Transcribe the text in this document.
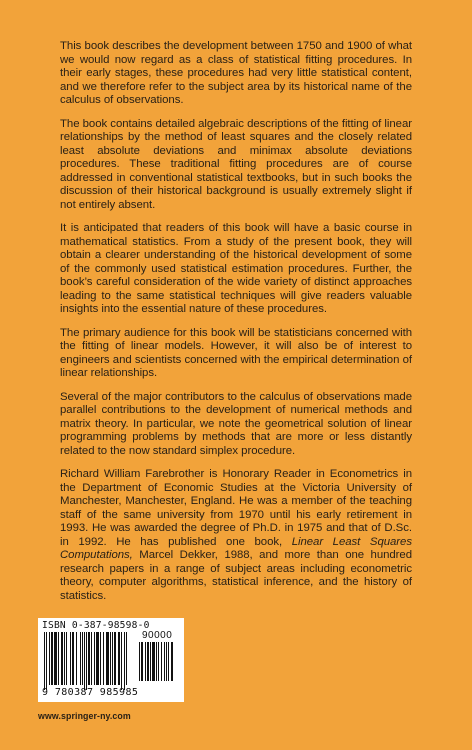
This book describes the development between 1750 and 1900 of what we would now regard as a class of statistical fitting procedures. In their early stages, these procedures had very little statistical content, and we therefore refer to the subject area by its historical name of the calculus of observations.

The book contains detailed algebraic descriptions of the fitting of linear relationships by the method of least squares and the closely related least absolute deviations and minimax absolute deviations procedures. These traditional fitting procedures are of course addressed in conventional statistical textbooks, but in such books the discussion of their historical background is usually extremely slight if not entirely absent.

It is anticipated that readers of this book will have a basic course in mathematical statistics. From a study of the present book, they will obtain a clearer understanding of the historical development of some of the commonly used statistical estimation procedures. Further, the book’s careful consideration of the wide variety of distinct approaches leading to the same statistical techniques will give readers valuable insights into the essential nature of these procedures.

The primary audience for this book will be statisticians concerned with the fitting of linear models. However, it will also be of interest to engineers and scientists concerned with the empirical determination of linear relationships.

Several of the major contributors to the calculus of observations made parallel contributions to the development of numerical methods and matrix theory. In particular, we note the geometrical solution of linear programming problems by methods that are more or less distantly related to the now standard simplex procedure.

Richard William Farebrother is Honorary Reader in Econometrics in the Department of Economic Studies at the Victoria University of Manchester, Manchester, England. He was a member of the teaching staff of the same university from 1970 until his early retirement in 1993. He was awarded the degree of Ph.D. in 1975 and that of D.Sc. in 1992. He has published one book, Linear Least Squares Computations, Marcel Dekker, 1988, and more than one hundred research papers in a range of subject areas including econometric theory, computer algorithms, statistical inference, and the history of statistics.

ISBN 0-387-98598-0
90000
9 780387 985985
www.springer-ny.com
